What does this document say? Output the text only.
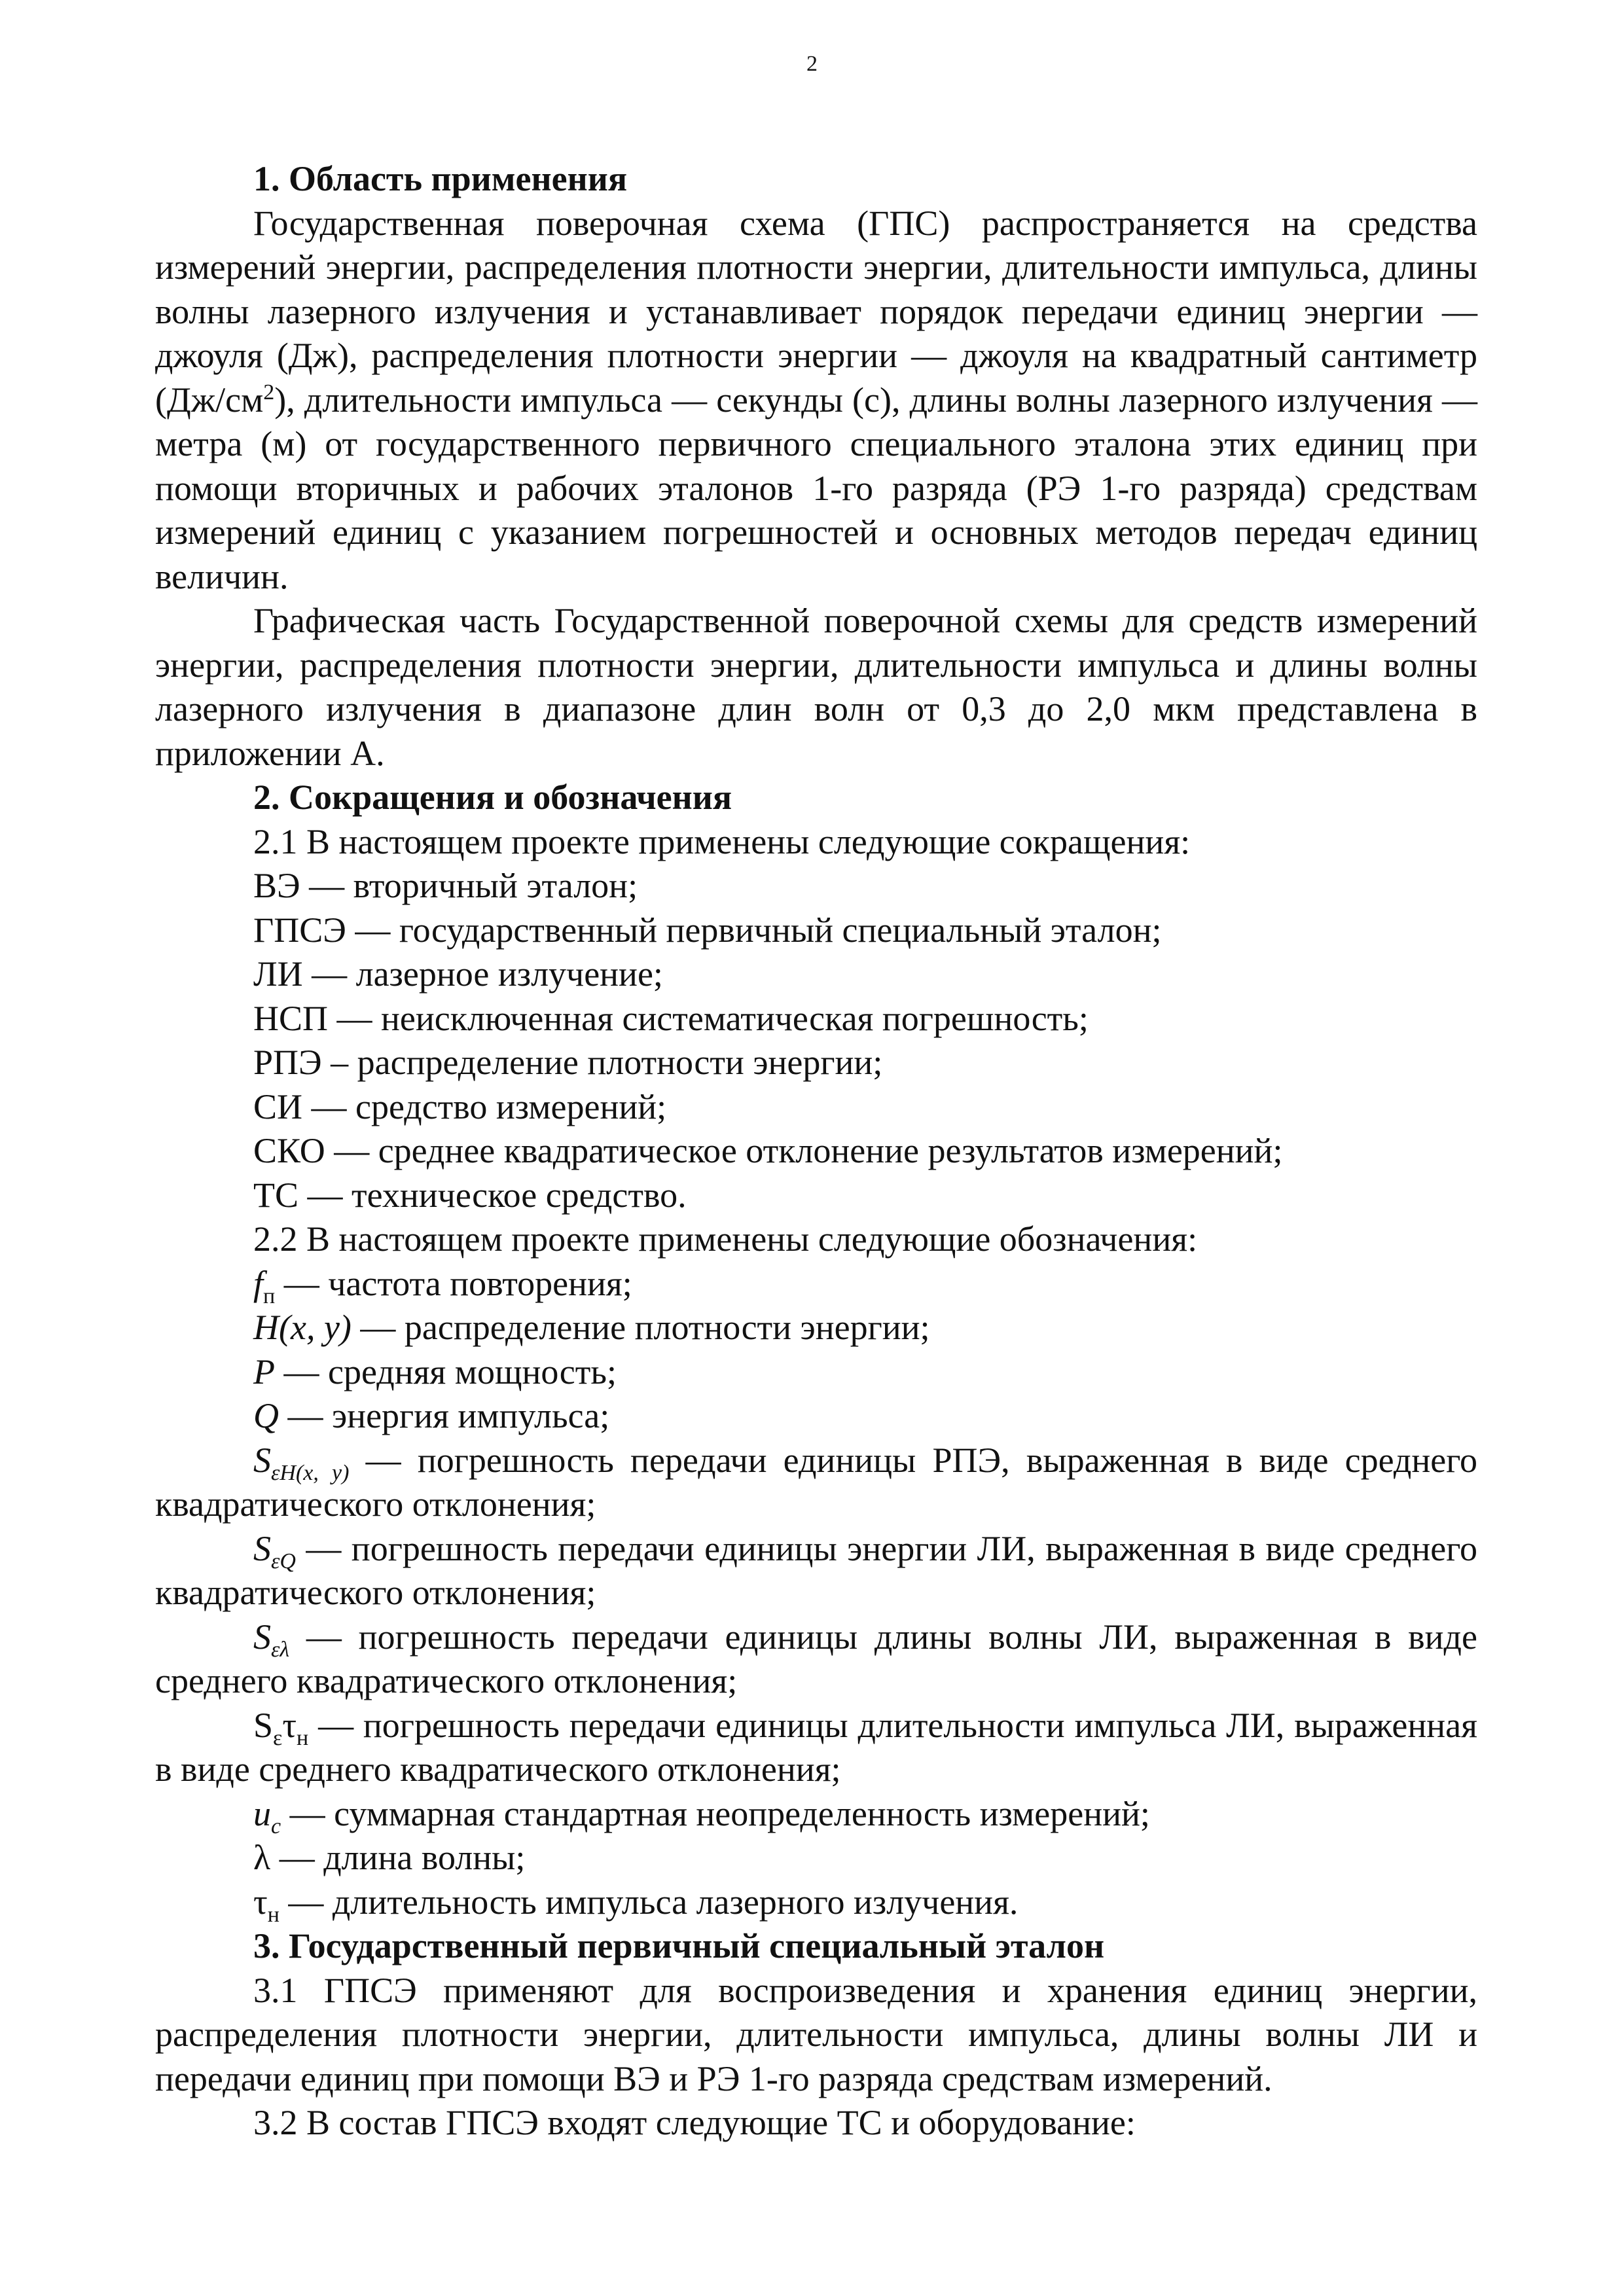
2

1. Область применения

Государственная поверочная схема (ГПС) распространяется на средства измерений энергии, распределения плотности энергии, длительности импульса, длины волны лазерного излучения и устанавливает порядок передачи единиц энергии — джоуля (Дж), распределения плотности энергии — джоуля на квадратный сантиметр $(Дж/см^2)$, длительности импульса — секунды (с), длины волны лазерного излучения — метра (м) от государственного первичного специального эталона этих единиц при помощи вторичных и рабочих эталонов 1-го разряда (РЭ 1-го разряда) средствам измерений единиц с указанием погрешностей и основных методов передач единиц величин.

Графическая часть Государственной поверочной схемы для средств измерений энергии, распределения плотности энергии, длительности импульса и длины волны лазерного излучения в диапазоне длин волн от 0,3 до 2,0 мкм представлена в приложении А.

2. Сокращения и обозначения

2.1 В настоящем проекте применены следующие сокращения:

ВЭ — вторичный эталон;

ГПСЭ — государственный первичный специальный эталон;

ЛИ — лазерное излучение;

НСП — неисключенная систематическая погрешность;

РПЭ – распределение плотности энергии;

СИ — средство измерений;

СКО — среднее квадратическое отклонение результатов измерений;

ТС — техническое средство.

2.2 В настоящем проекте применены следующие обозначения:

$f_п$ — частота повторения;

H(x, y) — распределение плотности энергии;

P — средняя мощность;

Q — энергия импульса;

$S_{\varepsilon H(x, y)}$ — погрешность передачи единицы РПЭ, выраженная в виде среднего квадратического отклонения;

$S_{\varepsilon Q}$ — погрешность передачи единицы энергии ЛИ, выраженная в виде среднего квадратического отклонения;

$S_{\varepsilon\lambda}$ — погрешность передачи единицы длины волны ЛИ, выраженная в виде среднего квадратического отклонения;

$S_\varepsilon\tau_н$ — погрешность передачи единицы длительности импульса ЛИ, выраженная в виде среднего квадратического отклонения;

$u_c$ — суммарная стандартная неопределенность измерений;

λ — длина волны;

$\tau_н$ — длительность импульса лазерного излучения.

3. Государственный первичный специальный эталон

3.1 ГПСЭ применяют для воспроизведения и хранения единиц энергии, распределения плотности энергии, длительности импульса, длины волны ЛИ и передачи единиц при помощи ВЭ и РЭ 1-го разряда средствам измерений.

3.2 В состав ГПСЭ входят следующие ТС и оборудование:
